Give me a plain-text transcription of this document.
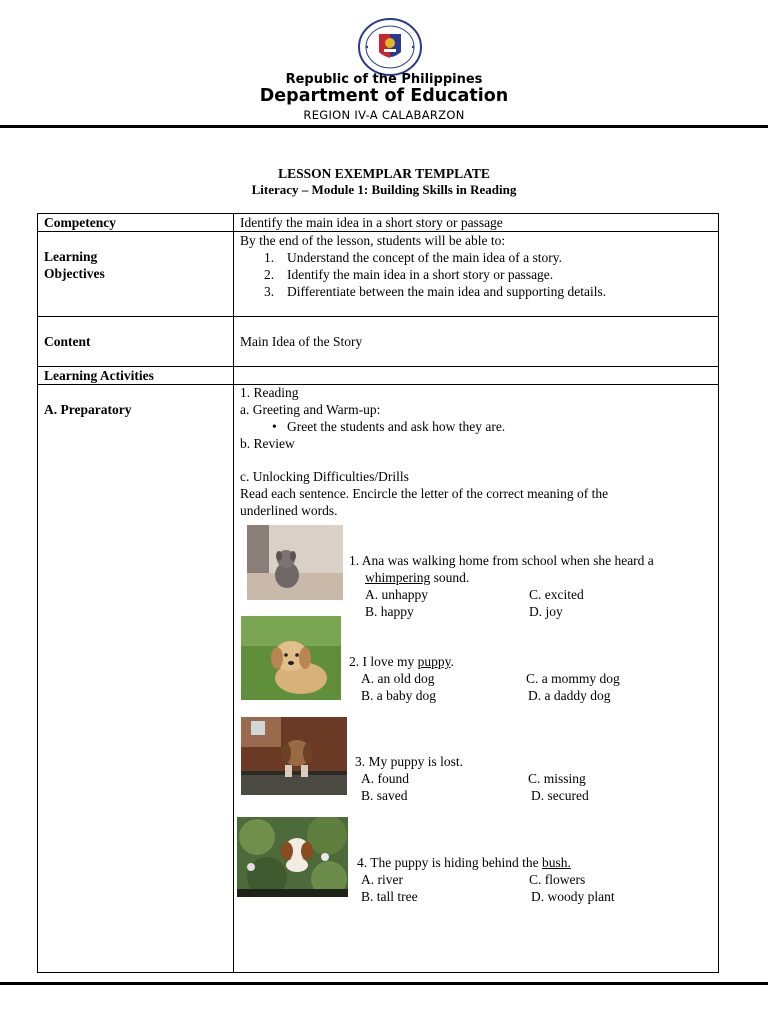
Republic of the Philippines
Department of Education
REGION IV-A CALABARZON
LESSON EXEMPLAR TEMPLATE
Literacy – Module 1: Building Skills in Reading
Competency
Learning
Objectives
Content
Learning Activities
A. Preparatory
Identify the main idea in a short story or passage
By the end of the lesson, students will be able to:
1. Understand the concept of the main idea of a story.
2. Identify the main idea in a short story or passage.
3. Differentiate between the main idea and supporting details.
Main Idea of the Story
1. Reading
a. Greeting and Warm-up:
• Greet the students and ask how they are.
b. Review
c. Unlocking Difficulties/Drills
Read each sentence. Encircle the letter of the correct meaning of the
underlined words.
1. Ana was walking home from school when she heard a
whimpering sound.
A. unhappy
B. happy
C. excited
D. joy
2. I love my puppy.
A. an old dog
B. a baby dog
C. a mommy dog
D. a daddy dog
3. My puppy is lost.
A. found
B. saved
C. missing
D. secured
4. The puppy is hiding behind the bush.
A. river
B. tall tree
C. flowers
D. woody plant
